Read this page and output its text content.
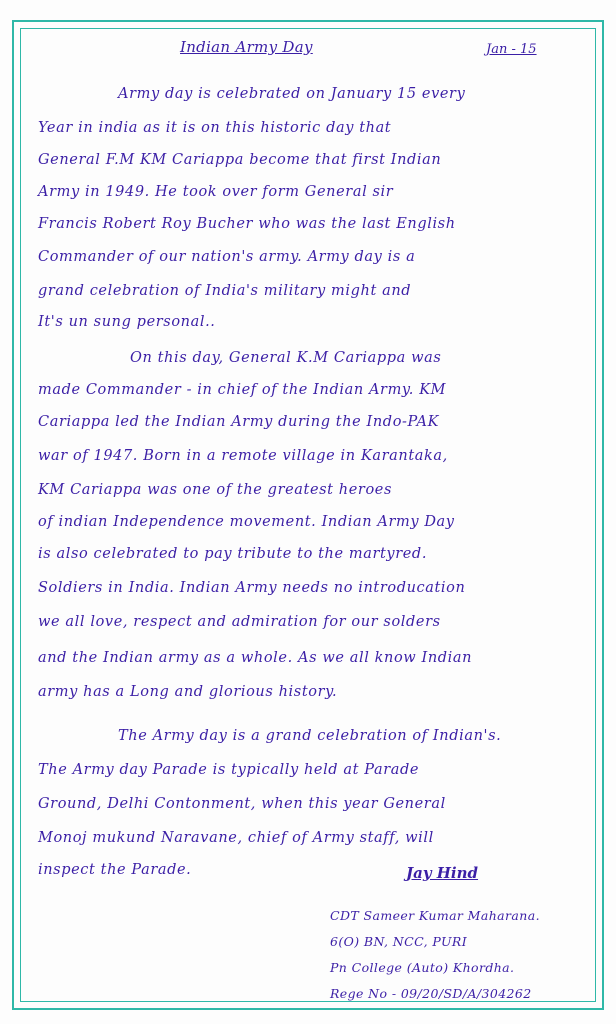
Indian Army Day	Jan - 15
Army day is celebrated on January 15 every
Year in india as it is on this historic day that
General F.M KM Cariappa become that first Indian
Army in 1949. He took over form General sir
Francis Robert Roy Bucher who was the last English
Commander of our nation's army. Army day is a
grand celebration of India's military might and
It's un sung personal..
On this day, General K.M Cariappa was
made Commander - in chief of the Indian Army. KM
Cariappa led the Indian Army during the Indo-PAK
war of 1947. Born in a remote village in Karantaka,
KM Cariappa was one of the greatest heroes
of indian Independence movement. Indian Army Day
is also celebrated to pay tribute to the martyred.
Soldiers in India. Indian Army needs no introducation
we all love, respect and admiration for our solders
and the Indian army as a whole. As we all know Indian
army has a Long and glorious history.
The Army day is a grand celebration of Indian's.
The Army day Parade is typically held at Parade
Ground, Delhi Contonment, when this year General
Monoj mukund Naravane, chief of Army staff, will
inspect the Parade.	Jay Hind
CDT Sameer Kumar Maharana.
6(O) BN, NCC, PURI
Pn College (Auto) Khordha.
Rege No - 09/20/SD/A/304262
